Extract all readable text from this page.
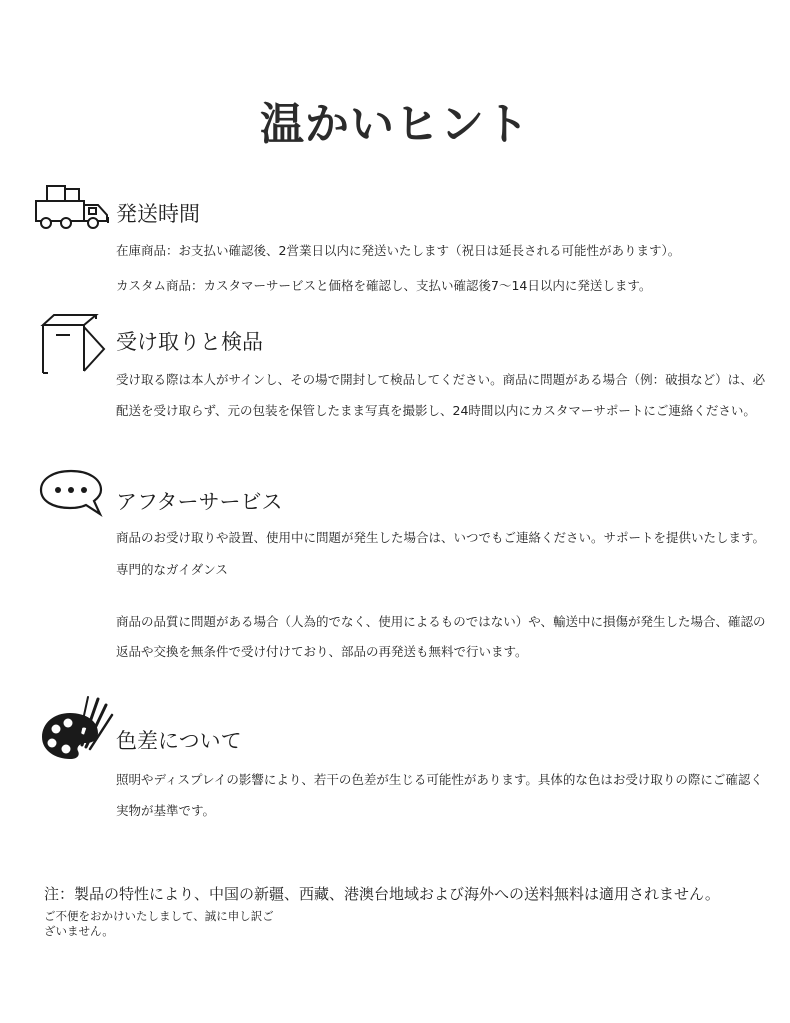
温かいヒント
発送時間
在庫商品：お支払い確認後、2営業日以内に発送いたします（祝日は延長される可能性があります）。
カスタム商品：カスタマーサービスと価格を確認し、支払い確認後7〜14日以内に発送します。
受け取りと検品
受け取る際は本人がサインし、その場で開封して検品してください。商品に問題がある場合（例：破損など）は、必
配送を受け取らず、元の包装を保管したまま写真を撮影し、24時間以内にカスタマーサポートにご連絡ください。
アフターサービス
商品のお受け取りや設置、使用中に問題が発生した場合は、いつでもご連絡ください。サポートを提供いたします。
専門的なガイダンス
商品の品質に問題がある場合（人為的でなく、使用によるものではない）や、輸送中に損傷が発生した場合、確認の
返品や交換を無条件で受け付けており、部品の再発送も無料で行います。
色差について
照明やディスプレイの影響により、若干の色差が生じる可能性があります。具体的な色はお受け取りの際にご確認く
実物が基準です。
注：製品の特性により、中国の新疆、西藏、港澳台地域および海外への送料無料は適用されません。
ご不便をおかけいたしまして、誠に申し訳ございません。
